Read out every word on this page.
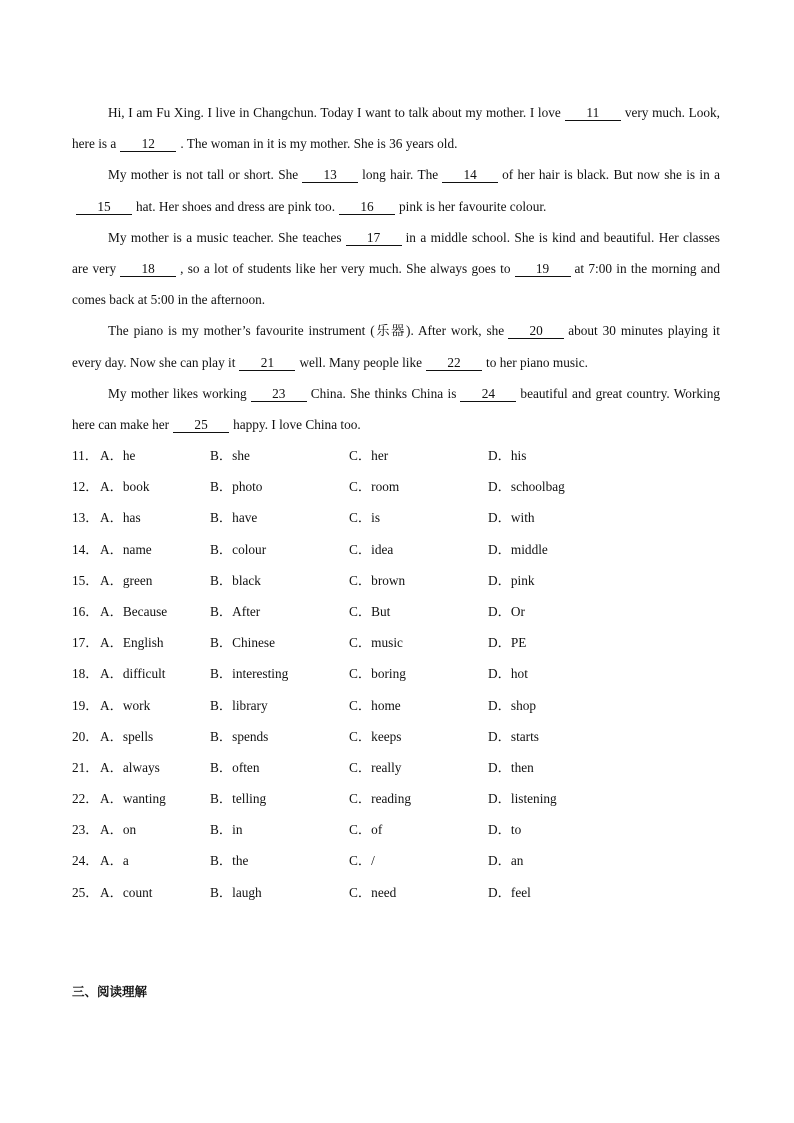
Hi, I am Fu Xing. I live in Changchun. Today I want to talk about my mother. I love 11 very much. Look, here is a 12 . The woman in it is my mother. She is 36 years old.

My mother is not tall or short. She 13 long hair. The 14 of her hair is black. But now she is in a15 hat. Her shoes and dress are pink too. 16 pink is her favourite colour.

My mother is a music teacher. She teaches 17 in a middle school. She is kind and beautiful. Her classes are very 18 , so a lot of students like her very much. She always goes to 19 at 7:00 in the morning and comes back at 5:00 in the afternoon.

The piano is my mother’s favourite instrument (乐器). After work, she 20 about 30 minutes playing it every day. Now she can play it 21 well. Many people like 22 to her piano music.

My mother likes working 23 China. She thinks China is 24 beautiful and great country. Working here can make her 25 happy. I love China too.

11． A．he	B．she	C．her	D．his
12． A．book	B．photo	C．room	D．schoolbag
13． A．has	B．have	C．is	D．with
14． A．name	B．colour	C．idea	D．middle
15． A．green	B．black	C．brown	D．pink
16． A．Because	B．After	C．But	D．Or
17． A．English	B．Chinese	C．music	D．PE
18． A．difficult	B．interesting	C．boring	D．hot
19． A．work	B．library	C．home	D．shop
20． A．spells	B．spends	C．keeps	D．starts
21． A．always	B．often	C．really	D．then
22． A．wanting	B．telling	C．reading	D．listening
23． A．on	B．in	C．of	D．to
24． A．a	B．the	C．/	D．an
25． A．count	B．laugh	C．need	D．feel
三、阅读理解
